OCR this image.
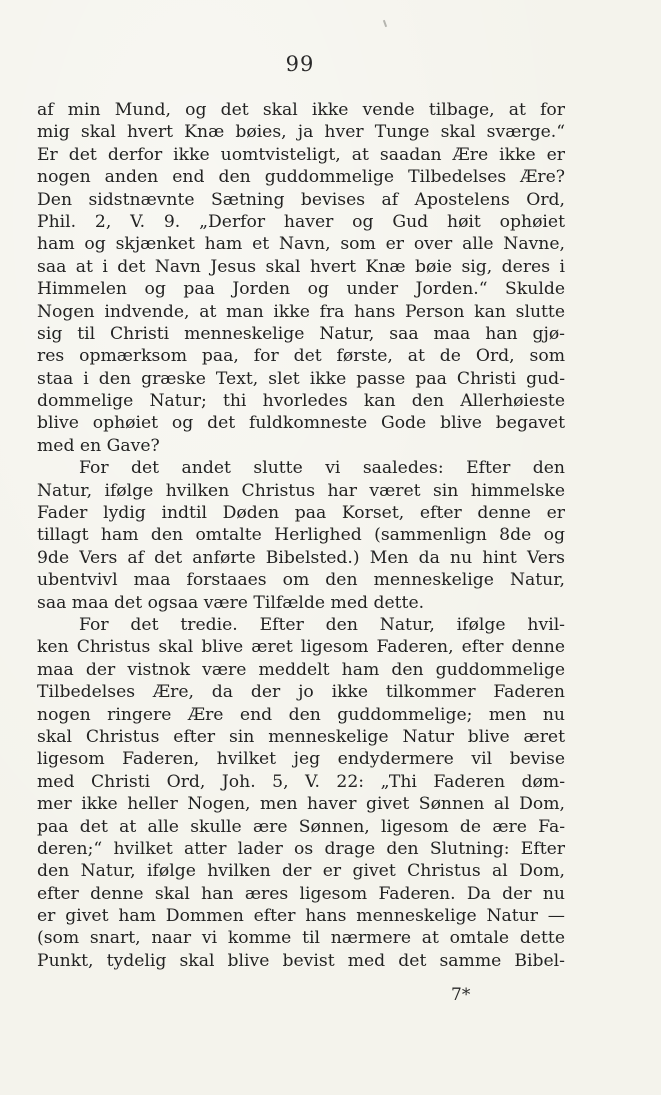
99
af min Mund, og det skal ikke vende tilbage, at for
mig skal hvert Knæ bøies, ja hver Tunge skal sværge.“
Er det derfor ikke uomtvisteligt, at saadan Ære ikke er
nogen anden end den guddommelige Tilbedelses Ære?
Den sidstnævnte Sætning bevises af Apostelens Ord,
Phil. 2, V. 9. „Derfor haver og Gud høit ophøiet
ham og skjænket ham et Navn, som er over alle Navne,
saa at i det Navn Jesus skal hvert Knæ bøie sig, deres i
Himmelen og paa Jorden og under Jorden.“ Skulde
Nogen indvende, at man ikke fra hans Person kan slutte
sig til Christi menneskelige Natur, saa maa han gjø-
res opmærksom paa, for det første, at de Ord, som
staa i den græske Text, slet ikke passe paa Christi gud-
dommelige Natur; thi hvorledes kan den Allerhøieste
blive ophøiet og det fuldkomneste Gode blive begavet
med en Gave?
For det andet slutte vi saaledes: Efter den
Natur, ifølge hvilken Christus har været sin himmelske
Fader lydig indtil Døden paa Korset, efter denne er
tillagt ham den omtalte Herlighed (sammenlign 8de og
9de Vers af det anførte Bibelsted.) Men da nu hint Vers
ubentvivl maa forstaaes om den menneskelige Natur,
saa maa det ogsaa være Tilfælde med dette.
For det tredie. Efter den Natur, ifølge hvil-
ken Christus skal blive æret ligesom Faderen, efter denne
maa der vistnok være meddelt ham den guddommelige
Tilbedelses Ære, da der jo ikke tilkommer Faderen
nogen ringere Ære end den guddommelige; men nu
skal Christus efter sin menneskelige Natur blive æret
ligesom Faderen, hvilket jeg endydermere vil bevise
med Christi Ord, Joh. 5, V. 22: „Thi Faderen døm-
mer ikke heller Nogen, men haver givet Sønnen al Dom,
paa det at alle skulle ære Sønnen, ligesom de ære Fa-
deren;“ hvilket atter lader os drage den Slutning: Efter
den Natur, ifølge hvilken der er givet Christus al Dom,
efter denne skal han æres ligesom Faderen. Da der nu
er givet ham Dommen efter hans menneskelige Natur —
(som snart, naar vi komme til nærmere at omtale dette
Punkt, tydelig skal blive bevist med det samme Bibel-
7*
